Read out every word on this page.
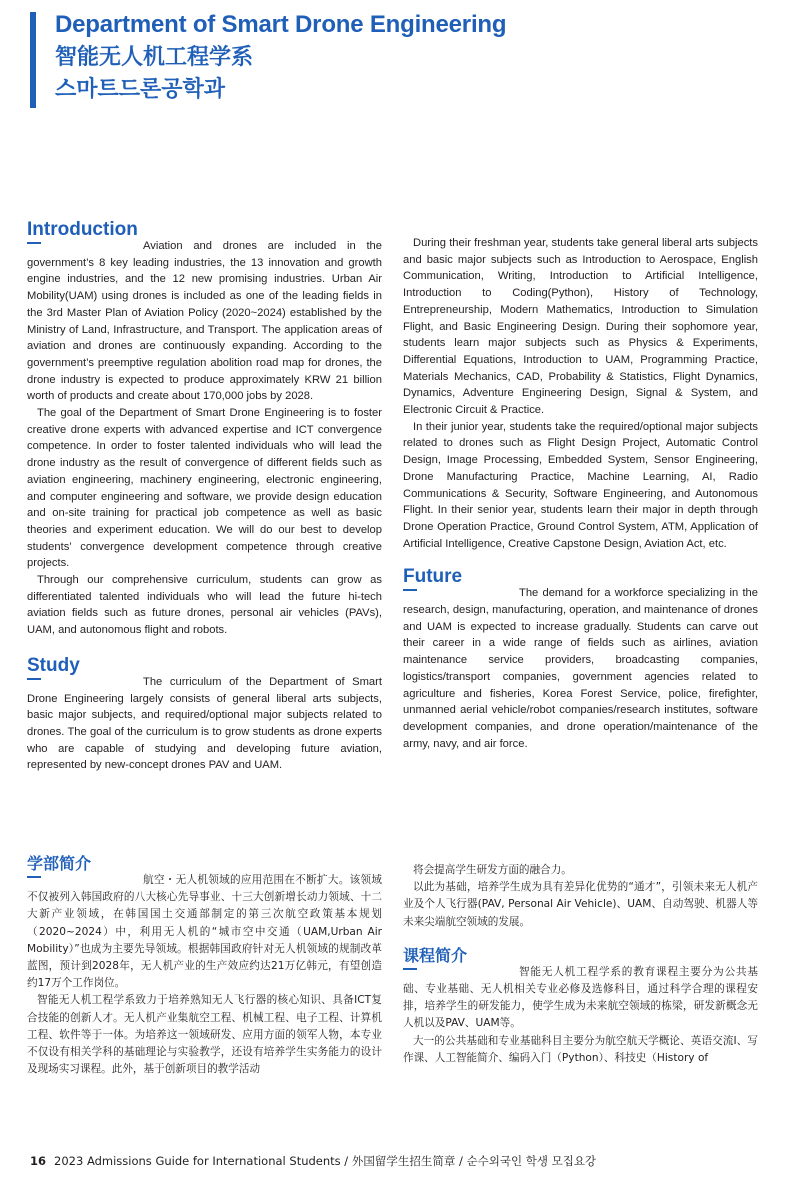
Department of Smart Drone Engineering
智能无人机工程学系
스마트드론공학과
Introduction

Aviation and drones are included in the government’s 8 key leading industries, the 13 innovation and growth engine industries, and the 12 new promising industries. Urban Air Mobility(UAM) using drones is included as one of the leading fields in the 3rd Master Plan of Aviation Policy (2020~2024) established by the Ministry of Land, Infrastructure, and Transport. The application areas of aviation and drones are continuously expanding. According to the government’s preemptive regulation abolition road map for drones, the drone industry is expected to produce approximately KRW 21 billion worth of products and create about 170,000 jobs by 2028.

The goal of the Department of Smart Drone Engineering is to foster creative drone experts with advanced expertise and ICT convergence competence. In order to foster talented individuals who will lead the drone industry as the result of convergence of different fields such as aviation engineering, machinery engineering, electronic engineering, and computer engineering and software, we provide design education and on-site training for practical job competence as well as basic theories and experiment education. We will do our best to develop students’ convergence development competence through creative projects.

Through our comprehensive curriculum, students can grow as differentiated talented individuals who will lead the future hi-tech aviation fields such as future drones, personal air vehicles (PAVs), UAM, and autonomous flight and robots.

Study

The curriculum of the Department of Smart Drone Engineering largely consists of general liberal arts subjects, basic major subjects, and required/optional major subjects related to drones. The goal of the curriculum is to grow students as drone experts who are capable of studying and developing future aviation, represented by new-concept drones PAV and UAM.

During their freshman year, students take general liberal arts subjects and basic major subjects such as Introduction to Aerospace, English Communication, Writing, Introduction to Artificial Intelligence, Introduction to Coding(Python), History of Technology, Entrepreneurship, Modern Mathematics, Introduction to Simulation Flight, and Basic Engineering Design. During their sophomore year, students learn major subjects such as Physics & Experiments, Differential Equations, Introduction to UAM, Programming Practice, Materials Mechanics, CAD, Probability & Statistics, Flight Dynamics, Dynamics, Adventure Engineering Design, Signal & System, and Electronic Circuit & Practice.

In their junior year, students take the required/optional major subjects related to drones such as Flight Design Project, Automatic Control Design, Image Processing, Embedded System, Sensor Engineering, Drone Manufacturing Practice, Machine Learning, AI, Radio Communications & Security, Software Engineering, and Autonomous Flight. In their senior year, students learn their major in depth through Drone Operation Practice, Ground Control System, ATM, Application of Artificial Intelligence, Creative Capstone Design, Aviation Act, etc.

Future

The demand for a workforce specializing in the research, design, manufacturing, operation, and maintenance of drones and UAM is expected to increase gradually. Students can carve out their career in a wide range of fields such as airlines, aviation maintenance service providers, broadcasting companies, logistics/transport companies, government agencies related to agriculture and fisheries, Korea Forest Service, police, firefighter, unmanned aerial vehicle/robot companies/research institutes, software development companies, and drone operation/maintenance of the army, navy, and air force.

学部简介

航空・无人机领域的应用范围在不断扩大。该领域不仅被列入韩国政府的八大核心先导事业、十三大创新增长动力领域、十二大新产业领域，在韩国国土交通部制定的第三次航空政策基本规划（2020~2024）中，利用无人机的“城市空中交通（UAM,Urban Air Mobility）”也成为主要先导领域。根据韩国政府针对无人机领域的规制改革蓝图，预计到2028年，无人机产业的生产效应约达21万亿韩元，有望创造约17万个工作岗位。

智能无人机工程学系致力于培养熟知无人飞行器的核心知识、具备ICT复合技能的创新人才。无人机产业集航空工程、机械工程、电子工程、计算机工程、软件等于一体。为培养这一领域研发、应用方面的领军人物，本专业不仅设有相关学科的基础理论与实验教学，还设有培养学生实务能力的设计及现场实习课程。此外，基于创新项目的教学活动

将会提高学生研发方面的融合力。

以此为基础，培养学生成为具有差异化优势的“通才”，引领未来无人机产业及个人飞行器(PAV, Personal Air Vehicle)、UAM、自动驾驶、机器人等未来尖端航空领域的发展。

课程简介

智能无人机工程学系的教育课程主要分为公共基础、专业基础、无人机相关专业必修及选修科目，通过科学合理的课程安排，培养学生的研发能力，使学生成为未来航空领域的栋梁，研发新概念无人机以及PAV、UAM等。

大一的公共基础和专业基础科目主要分为航空航天学概论、英语交流Ⅰ、写作课、人工智能简介、编码入门（Python）、科技史（History of

16 2023 Admissions Guide for International Students / 外国留学生招生简章 / 순수외국인 학생 모집요강
